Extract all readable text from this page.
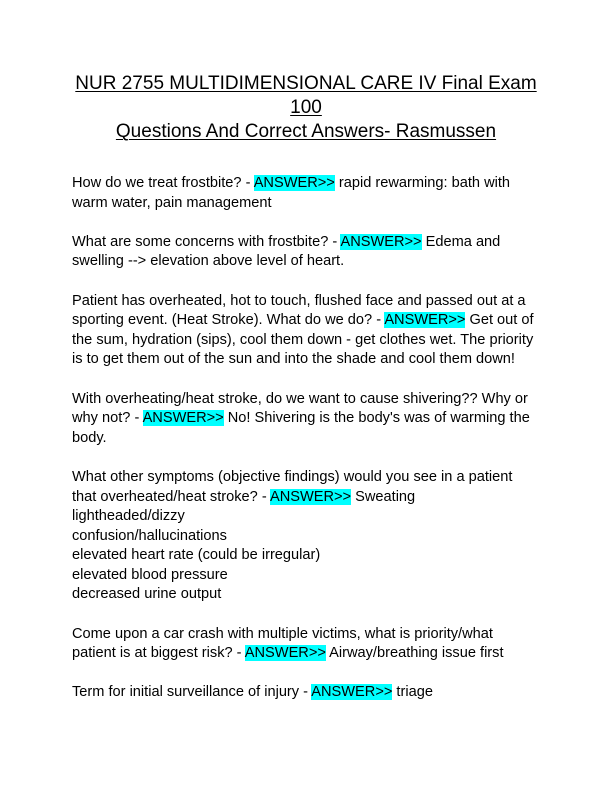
NUR 2755 MULTIDIMENSIONAL CARE IV Final Exam 100
Questions And Correct Answers- Rasmussen

How do we treat frostbite? - ANSWER>> rapid rewarming: bath with warm water, pain management

What are some concerns with frostbite? - ANSWER>> Edema and swelling --> elevation above level of heart.

Patient has overheated, hot to touch, flushed face and passed out at a sporting event. (Heat Stroke). What do we do? - ANSWER>> Get out of the sum, hydration (sips), cool them down - get clothes wet. The priority is to get them out of the sun and into the shade and cool them down!

With overheating/heat stroke, do we want to cause shivering?? Why or why not? - ANSWER>> No! Shivering is the body's was of warming the body.

What other symptoms (objective findings) would you see in a patient that overheated/heat stroke? - ANSWER>> Sweating
lightheaded/dizzy
confusion/hallucinations
elevated heart rate (could be irregular)
elevated blood pressure
decreased urine output

Come upon a car crash with multiple victims, what is priority/what patient is at biggest risk? - ANSWER>> Airway/breathing issue first

Term for initial surveillance of injury - ANSWER>> triage
